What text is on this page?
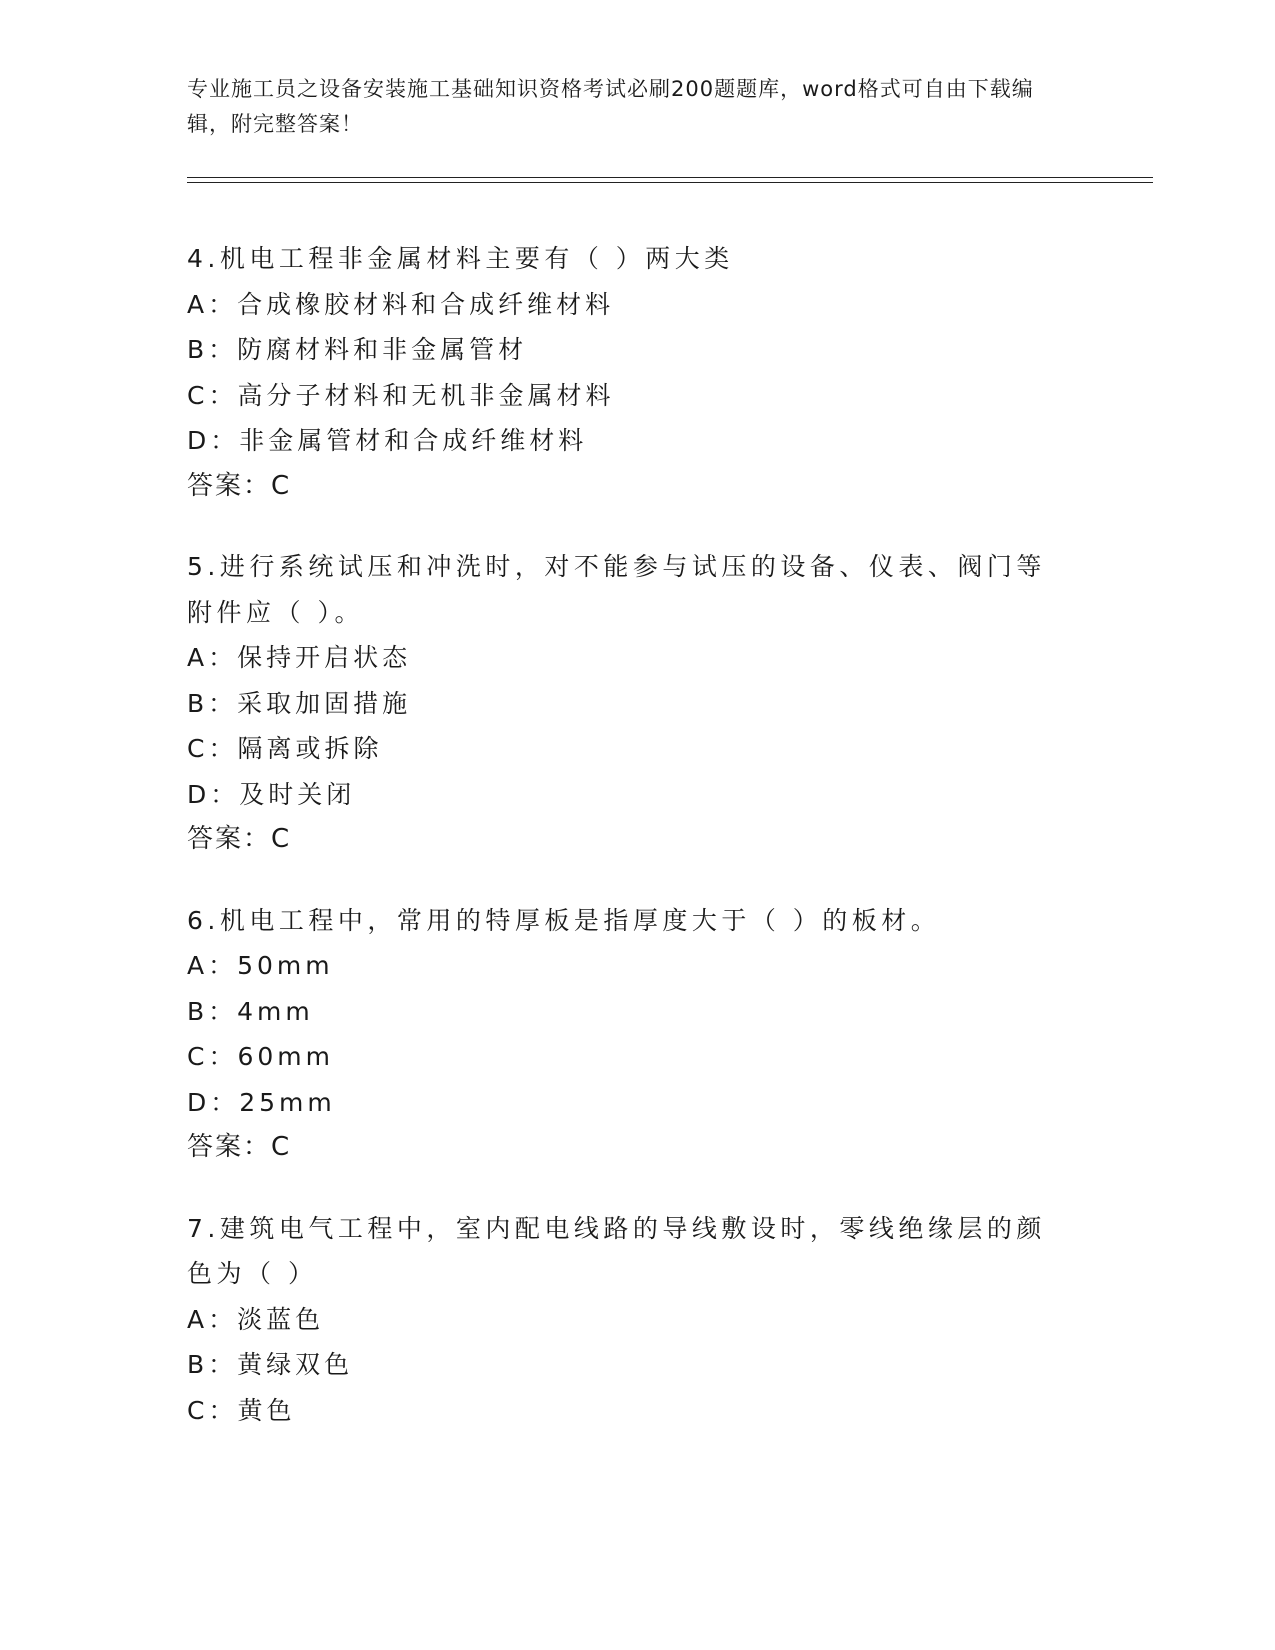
专业施工员之设备安装施工基础知识资格考试必刷200题题库，word格式可自由下载编辑，附完整答案！
4.机电工程非金属材料主要有（ ）两大类
A：合成橡胶材料和合成纤维材料
B：防腐材料和非金属管材
C：高分子材料和无机非金属材料
D：非金属管材和合成纤维材料
答案：C
5.进行系统试压和冲洗时，对不能参与试压的设备、仪表、阀门等附件应（ ）。
A：保持开启状态
B：采取加固措施
C：隔离或拆除
D：及时关闭
答案：C
6.机电工程中，常用的特厚板是指厚度大于（ ）的板材。
A：50mm
B：4mm
C：60mm
D：25mm
答案：C
7.建筑电气工程中，室内配电线路的导线敷设时，零线绝缘层的颜色为（ ）
A：淡蓝色
B：黄绿双色
C：黄色
